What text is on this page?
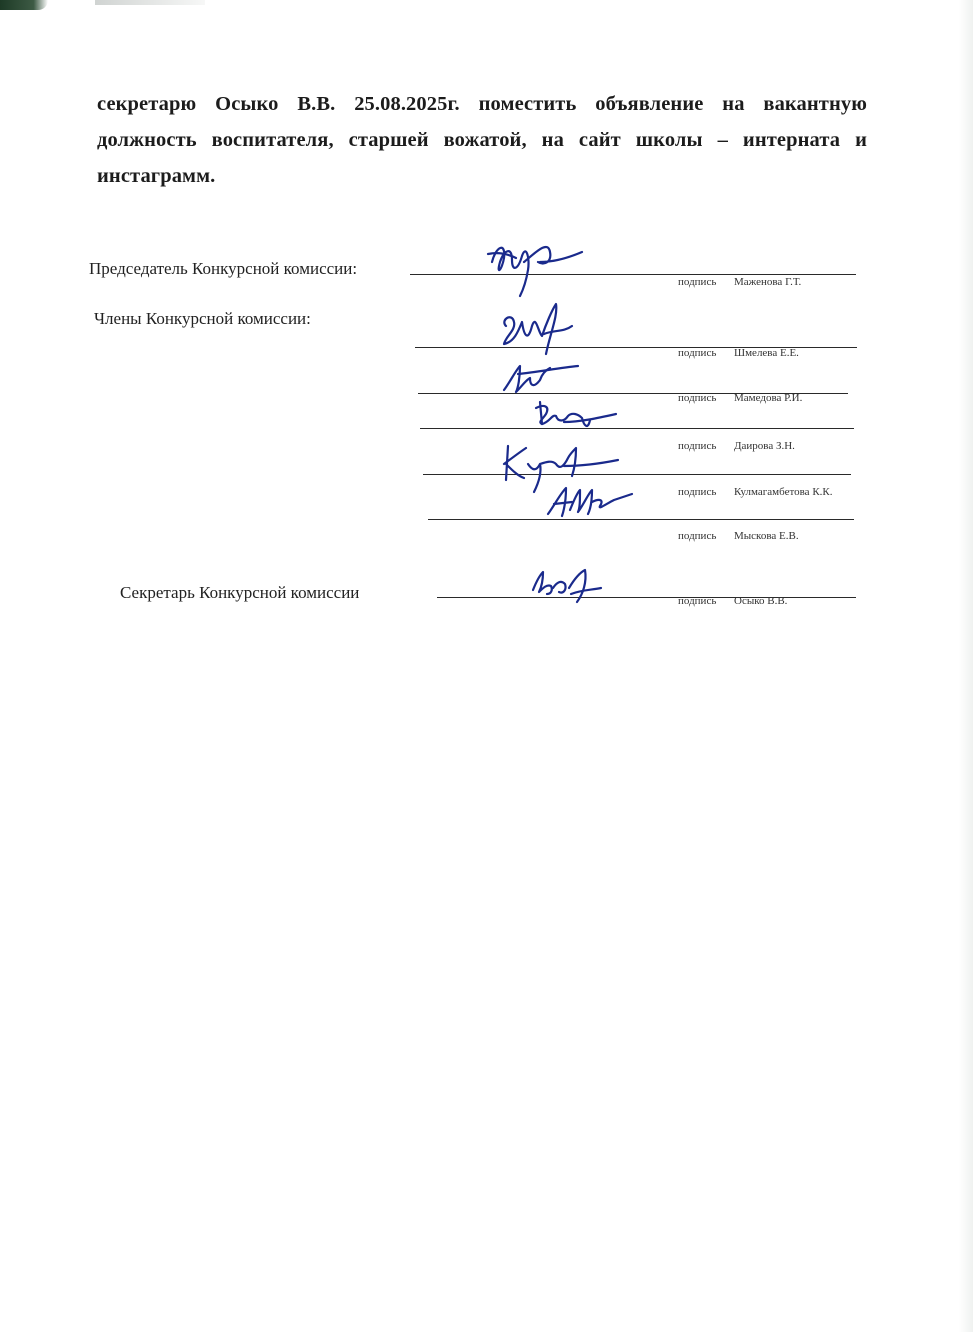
секретарю Осыко В.В. 25.08.2025г. поместить объявление на вакантную должность воспитателя, старшей вожатой, на сайт школы – интерната и инстаграмм.
Председатель Конкурсной комиссии:
подпись Маженова Г.Т.
Члены Конкурсной комиссии:
подпись Шмелева Е.Е.
подпись Мамедова Р.И.
подпись Даирова З.Н.
подпись Кулмагамбетова К.К.
подпись Мыскова Е.В.
Секретарь Конкурсной комиссии	подпись Осыко В.В.
